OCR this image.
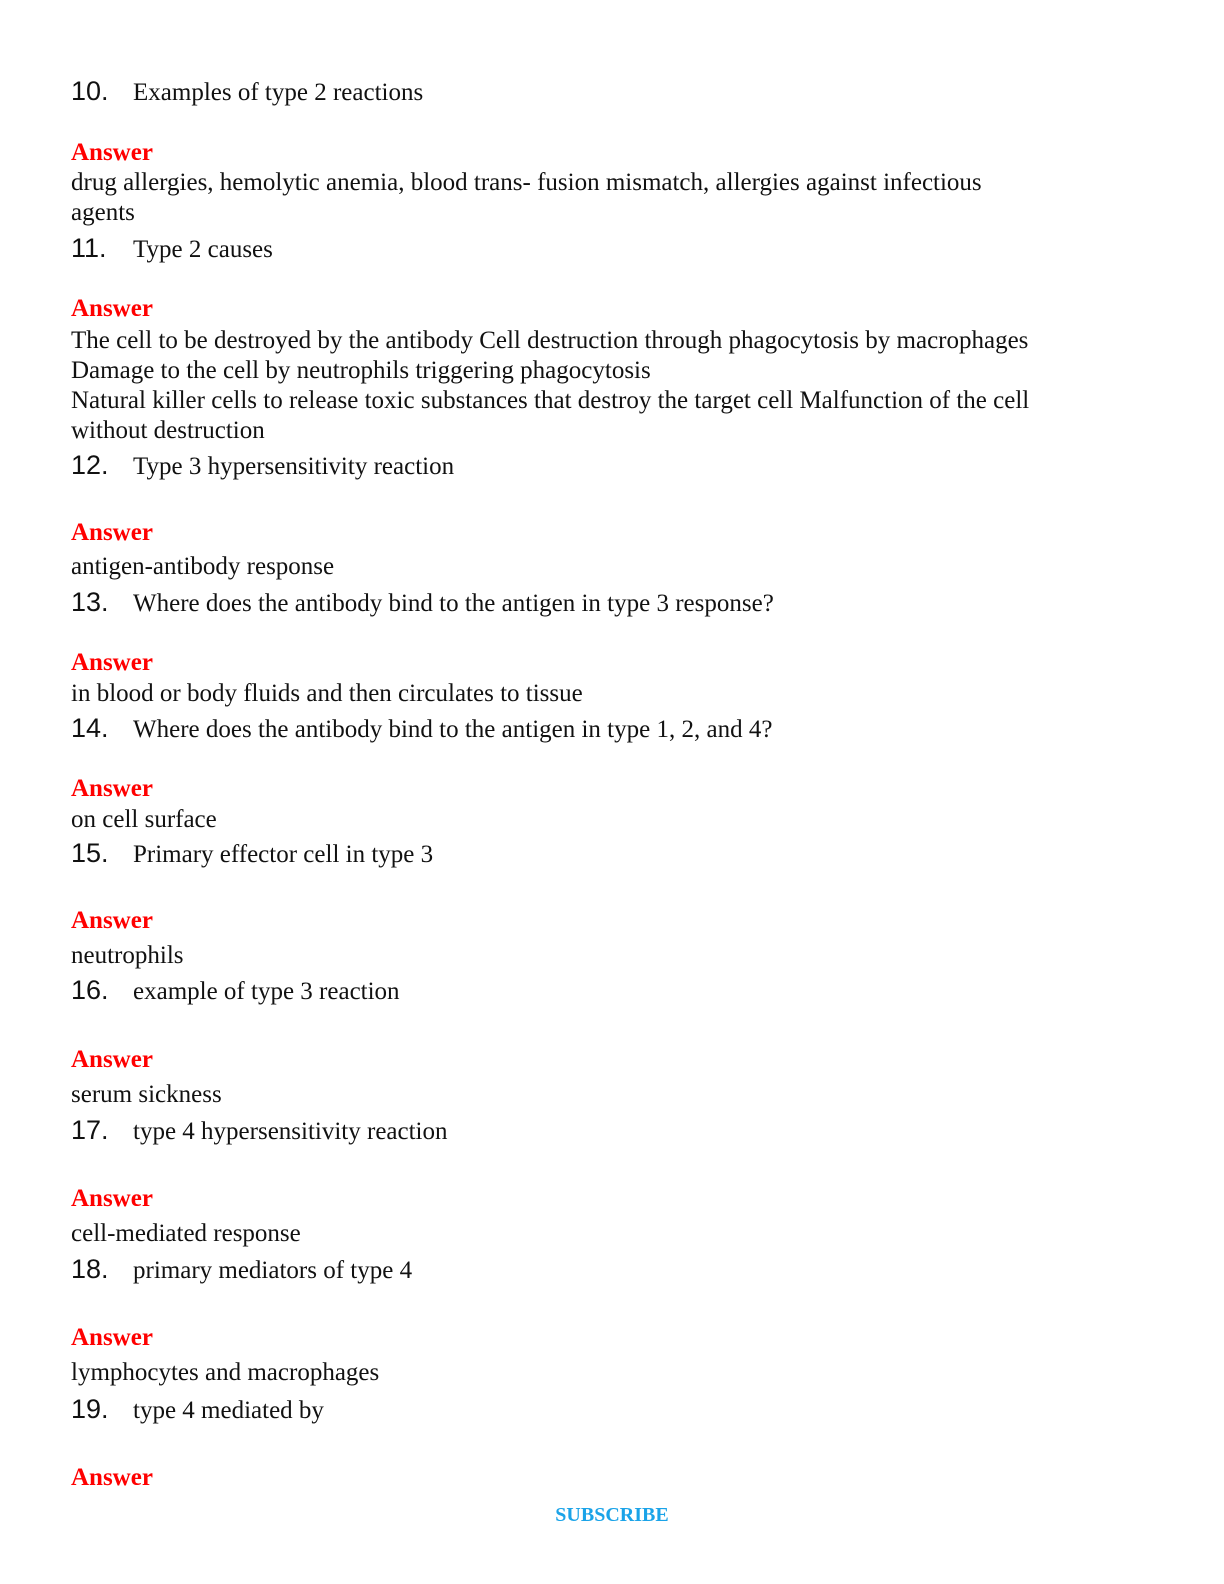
10. Examples of type 2 reactions
Answer
drug allergies, hemolytic anemia, blood trans- fusion mismatch, allergies against infectious
agents
11. Type 2 causes
Answer
The cell to be destroyed by the antibody Cell destruction through phagocytosis by macrophages
Damage to the cell by neutrophils triggering phagocytosis
Natural killer cells to release toxic substances that destroy the target cell Malfunction of the cell
without destruction
12. Type 3 hypersensitivity reaction
Answer
antigen-antibody response
13. Where does the antibody bind to the antigen in type 3 response?
Answer
in blood or body fluids and then circulates to tissue
14. Where does the antibody bind to the antigen in type 1, 2, and 4?
Answer
on cell surface
15. Primary effector cell in type 3
Answer
neutrophils
16. example of type 3 reaction
Answer
serum sickness
17. type 4 hypersensitivity reaction
Answer
cell-mediated response
18. primary mediators of type 4
Answer
lymphocytes and macrophages
19. type 4 mediated by
Answer
SUBSCRIBE
